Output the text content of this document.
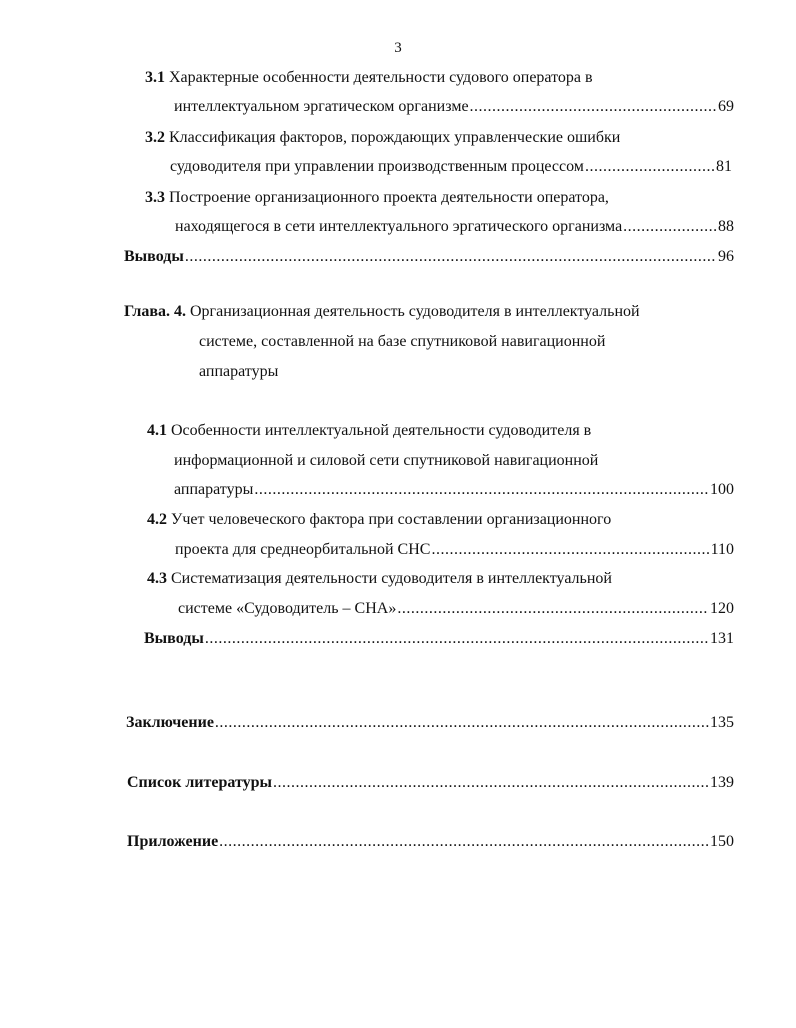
3
3.1 Характерные особенности деятельности судового оператора в
интеллектуальном эргатическом организме .....	69
3.2 Классификация факторов, порождающих управленческие ошибки
судоводителя при управлении производственным процессом .....	81
3.3 Построение организационного проекта деятельности оператора,
находящегося в сети интеллектуального эргатического организма .....	88
Выводы .....	96
Глава. 4. Организационная деятельность судоводителя в интеллектуальной
системе, составленной на базе спутниковой навигационной
аппаратуры
4.1 Особенности интеллектуальной деятельности судоводителя в
информационной и силовой сети спутниковой навигационной
аппаратуры .....	100
4.2 Учет человеческого фактора при составлении организационного
проекта для среднеорбитальной СНС .....	110
4.3 Систематизация деятельности судоводителя в интеллектуальной
системе «Судоводитель – СНА» .....	120
Выводы .....	131
Заключение .....	135
Список литературы .....	139
Приложение .....	150
